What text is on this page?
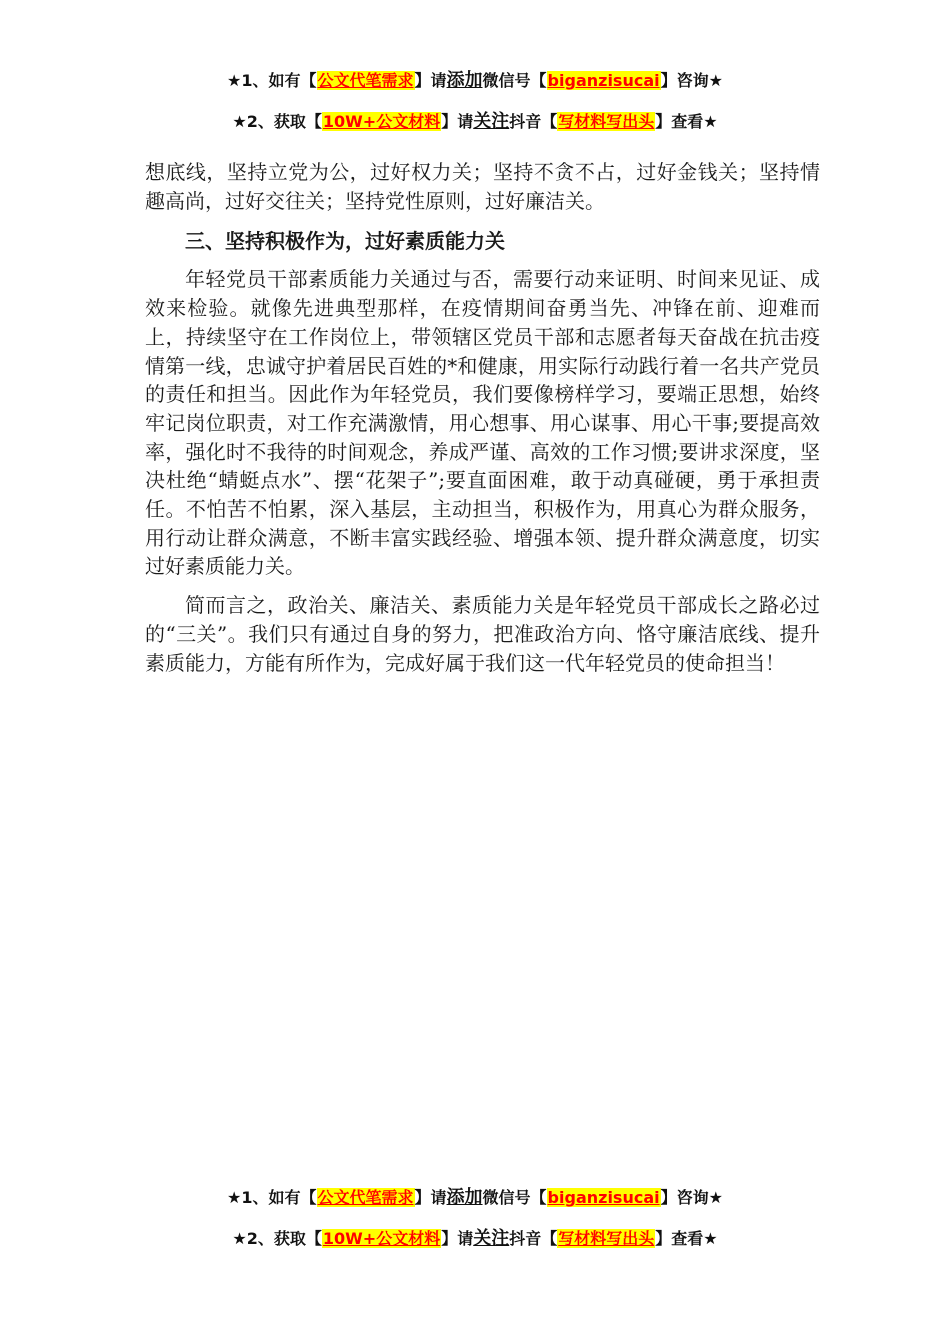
★1、如有【公文代笔需求】请添加微信号【biganzisucai】咨询★
★2、获取【10W+公文材料】请关注抖音【写材料写出头】查看★

想底线，坚持立党为公，过好权力关；坚持不贪不占，过好金钱关；坚持情趣高尚，过好交往关；坚持党性原则，过好廉洁关。

三、坚持积极作为，过好素质能力关

年轻党员干部素质能力关通过与否，需要行动来证明、时间来见证、成效来检验。就像先进典型那样，在疫情期间奋勇当先、冲锋在前、迎难而上，持续坚守在工作岗位上，带领辖区党员干部和志愿者每天奋战在抗击疫情第一线，忠诚守护着居民百姓的*和健康，用实际行动践行着一名共产党员的责任和担当。因此作为年轻党员，我们要像榜样学习，要端正思想，始终牢记岗位职责，对工作充满激情，用心想事、用心谋事、用心干事;要提高效率，强化时不我待的时间观念，养成严谨、高效的工作习惯;要讲求深度，坚决杜绝“蜻蜓点水”、摆“花架子”;要直面困难，敢于动真碰硬，勇于承担责任。不怕苦不怕累，深入基层，主动担当，积极作为，用真心为群众服务，用行动让群众满意，不断丰富实践经验、增强本领、提升群众满意度，切实过好素质能力关。

简而言之，政治关、廉洁关、素质能力关是年轻党员干部成长之路必过的“三关”。我们只有通过自身的努力，把准政治方向、恪守廉洁底线、提升素质能力，方能有所作为，完成好属于我们这一代年轻党员的使命担当！

★1、如有【公文代笔需求】请添加微信号【biganzisucai】咨询★
★2、获取【10W+公文材料】请关注抖音【写材料写出头】查看★
